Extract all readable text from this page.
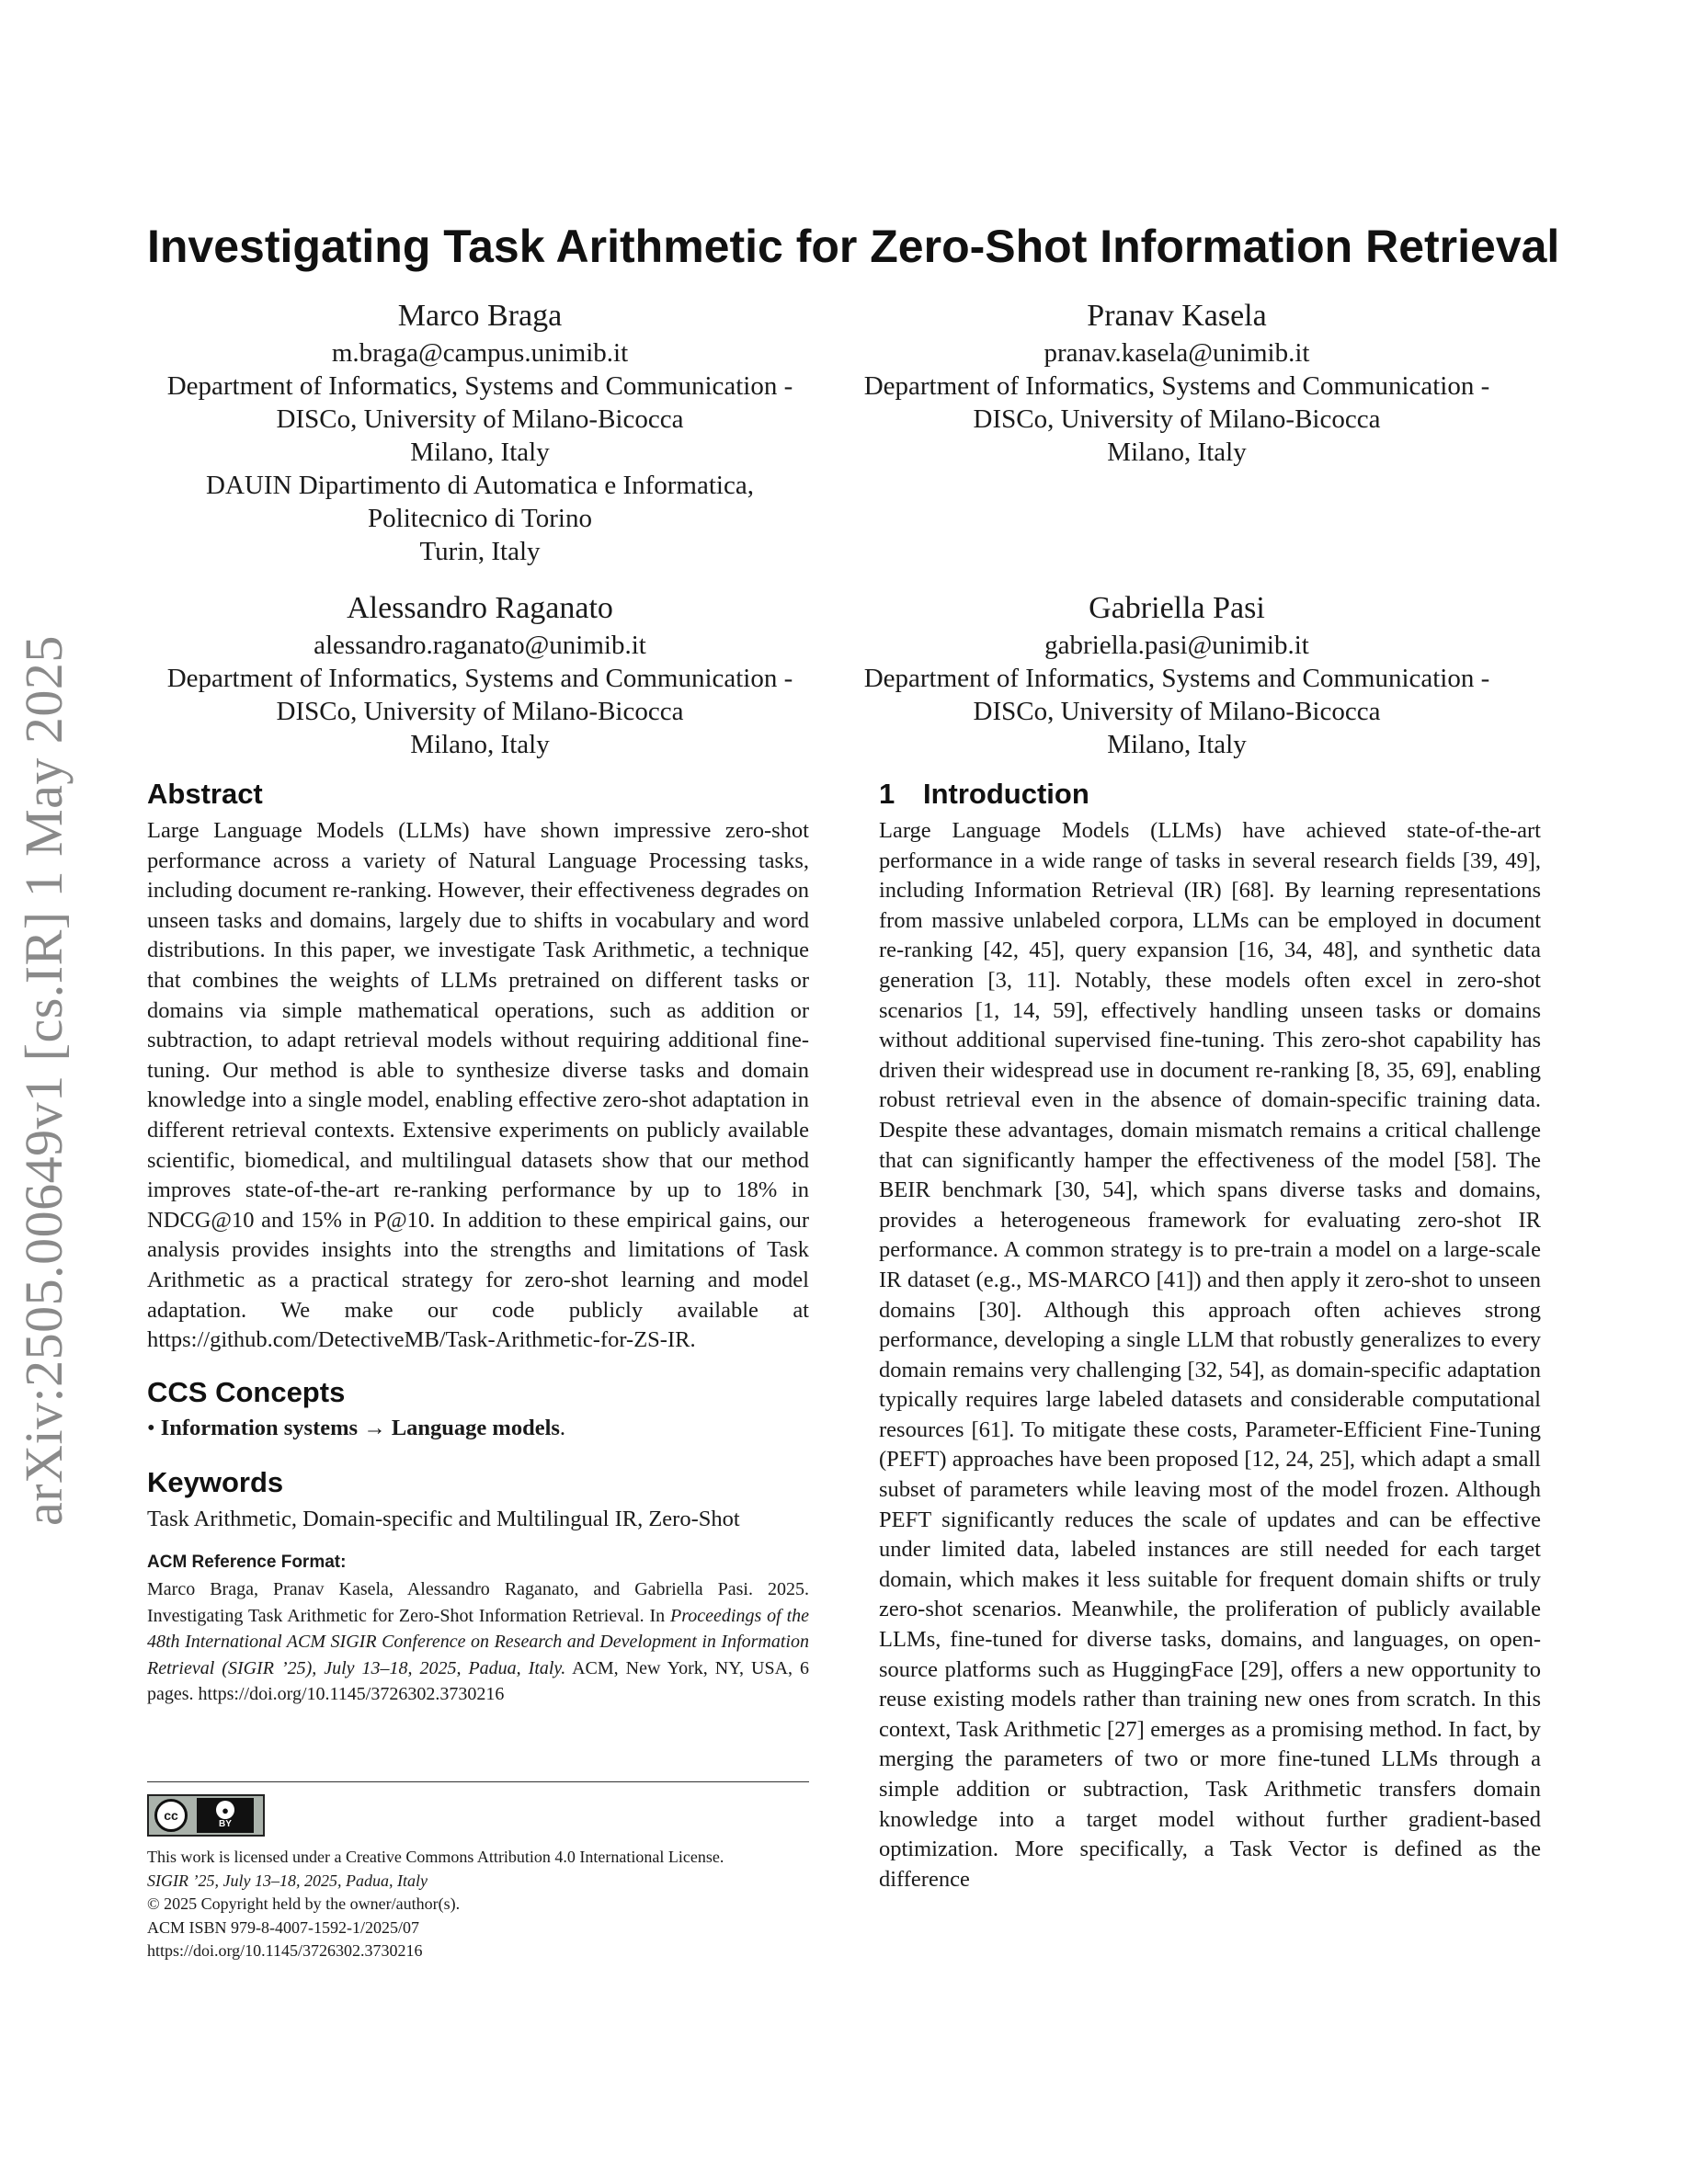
arXiv:2505.00649v1 [cs.IR] 1 May 2025
Investigating Task Arithmetic for Zero-Shot Information Retrieval
Marco Braga
m.braga@campus.unimib.it
Department of Informatics, Systems and Communication -
DISCo, University of Milano-Bicocca
Milano, Italy
DAUIN Dipartimento di Automatica e Informatica,
Politecnico di Torino
Turin, Italy
Pranav Kasela
pranav.kasela@unimib.it
Department of Informatics, Systems and Communication -
DISCo, University of Milano-Bicocca
Milano, Italy
Alessandro Raganato
alessandro.raganato@unimib.it
Department of Informatics, Systems and Communication -
DISCo, University of Milano-Bicocca
Milano, Italy
Gabriella Pasi
gabriella.pasi@unimib.it
Department of Informatics, Systems and Communication -
DISCo, University of Milano-Bicocca
Milano, Italy
Abstract

Large Language Models (LLMs) have shown impressive zero-shot performance across a variety of Natural Language Processing tasks, including document re-ranking. However, their effectiveness degrades on unseen tasks and domains, largely due to shifts in vocabulary and word distributions. In this paper, we investigate Task Arithmetic, a technique that combines the weights of LLMs pretrained on different tasks or domains via simple mathematical operations, such as addition or subtraction, to adapt retrieval models without requiring additional fine-tuning. Our method is able to synthesize diverse tasks and domain knowledge into a single model, enabling effective zero-shot adaptation in different retrieval contexts. Extensive experiments on publicly available scientific, biomedical, and multilingual datasets show that our method improves state-of-the-art re-ranking performance by up to 18% in NDCG@10 and 15% in P@10. In addition to these empirical gains, our analysis provides insights into the strengths and limitations of Task Arithmetic as a practical strategy for zero-shot learning and model adaptation. We make our code publicly available at https://github.com/DetectiveMB/Task-Arithmetic-for-ZS-IR.

CCS Concepts

• Information systems → Language models.

Keywords

Task Arithmetic, Domain-specific and Multilingual IR, Zero-Shot

ACM Reference Format:

Marco Braga, Pranav Kasela, Alessandro Raganato, and Gabriella Pasi. 2025. Investigating Task Arithmetic for Zero-Shot Information Retrieval. In Proceedings of the 48th International ACM SIGIR Conference on Research and Development in Information Retrieval (SIGIR ’25), July 13–18, 2025, Padua, Italy. ACM, New York, NY, USA, 6 pages. https://doi.org/10.1145/3726302.3730216

cc	●
BY
This work is licensed under a Creative Commons Attribution 4.0 International License.
SIGIR ’25, July 13–18, 2025, Padua, Italy
© 2025 Copyright held by the owner/author(s).
ACM ISBN 979-8-4007-1592-1/2025/07
https://doi.org/10.1145/3726302.3730216
1 Introduction

Large Language Models (LLMs) have achieved state-of-the-art performance in a wide range of tasks in several research fields [39, 49], including Information Retrieval (IR) [68]. By learning representations from massive unlabeled corpora, LLMs can be employed in document re-ranking [42, 45], query expansion [16, 34, 48], and synthetic data generation [3, 11]. Notably, these models often excel in zero-shot scenarios [1, 14, 59], effectively handling unseen tasks or domains without additional supervised fine-tuning. This zero-shot capability has driven their widespread use in document re-ranking [8, 35, 69], enabling robust retrieval even in the absence of domain-specific training data. Despite these advantages, domain mismatch remains a critical challenge that can significantly hamper the effectiveness of the model [58]. The BEIR benchmark [30, 54], which spans diverse tasks and domains, provides a heterogeneous framework for evaluating zero-shot IR performance. A common strategy is to pre-train a model on a large-scale IR dataset (e.g., MS-MARCO [41]) and then apply it zero-shot to unseen domains [30]. Although this approach often achieves strong performance, developing a single LLM that robustly generalizes to every domain remains very challenging [32, 54], as domain-specific adaptation typically requires large labeled datasets and considerable computational resources [61]. To mitigate these costs, Parameter-Efficient Fine-Tuning (PEFT) approaches have been proposed [12, 24, 25], which adapt a small subset of parameters while leaving most of the model frozen. Although PEFT significantly reduces the scale of updates and can be effective under limited data, labeled instances are still needed for each target domain, which makes it less suitable for frequent domain shifts or truly zero-shot scenarios. Meanwhile, the proliferation of publicly available LLMs, fine-tuned for diverse tasks, domains, and languages, on open-source platforms such as HuggingFace [29], offers a new opportunity to reuse existing models rather than training new ones from scratch. In this context, Task Arithmetic [27] emerges as a promising method. In fact, by merging the parameters of two or more fine-tuned LLMs through a simple addition or subtraction, Task Arithmetic transfers domain knowledge into a target model without further gradient-based optimization. More specifically, a Task Vector is defined as the difference
